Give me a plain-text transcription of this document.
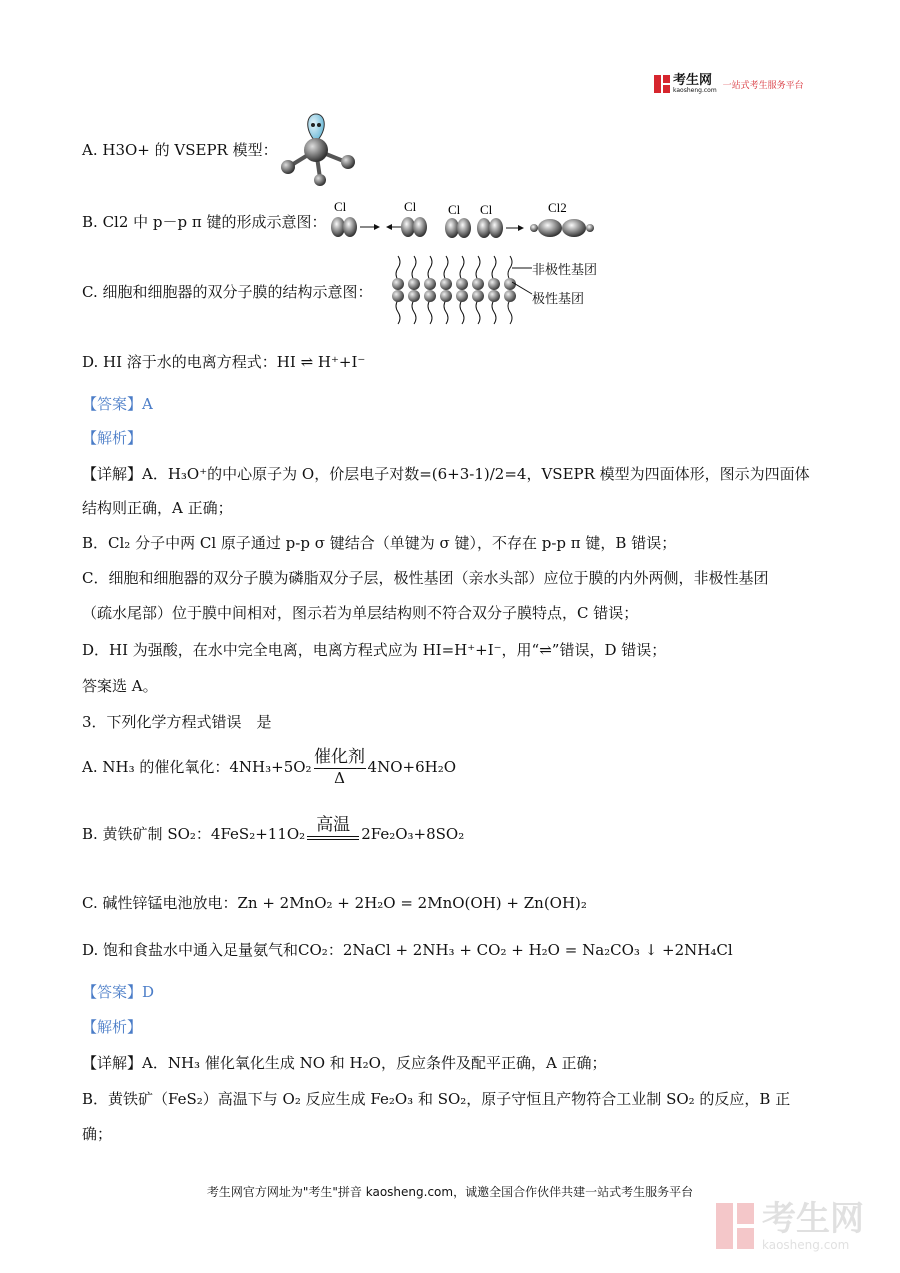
考生网
kaosheng.com 一站式考生服务平台
A. H3O+ 的 VSEPR 模型：
B. Cl2 中 p－p π 键的形成示意图：
Cl	Cl Cl Cl	Cl2
C. 细胞和细胞器的双分子膜的结构示意图：
非极性基团
极性基团
D. HI 溶于水的电离方程式：HI ⇌ H⁺+I⁻
【答案】A
【解析】
【详解】A．H₃O⁺的中心原子为 O，价层电子对数=(6+3-1)/2=4，VSEPR 模型为四面体形，图示为四面体
结构则正确，A 正确；
B．Cl₂ 分子中两 Cl 原子通过 p-p σ 键结合（单键为 σ 键），不存在 p-p π 键，B 错误；
C．细胞和细胞器的双分子膜为磷脂双分子层，极性基团（亲水头部）应位于膜的内外两侧，非极性基团
（疏水尾部）位于膜中间相对，图示若为单层结构则不符合双分子膜特点，C 错误；
D．HI 为强酸，在水中完全电离，电离方程式应为 HI=H⁺+I⁻，用“⇌”错误，D 错误；
答案选 A。
3．下列化学方程式错误　是
A. NH₃ 的催化氧化：$4NH_3+5O_2 \frac{\text{催化剂}}{\Delta} 4NO+6H_2O$
B. 黄铁矿制 SO₂：4FeS₂+11O₂ 高温 2Fe₂O₃+8SO₂
C. 碱性锌锰电池放电：Zn + 2MnO₂ + 2H₂O = 2MnO(OH) + Zn(OH)₂
D. 饱和食盐水中通入足量氨气和CO₂：2NaCl + 2NH₃ + CO₂ + H₂O = Na₂CO₃ ↓ +2NH₄Cl
【答案】D
【解析】
【详解】A．NH₃ 催化氧化生成 NO 和 H₂O，反应条件及配平正确，A 正确；
B．黄铁矿（FeS₂）高温下与 O₂ 反应生成 Fe₂O₃ 和 SO₂，原子守恒且产物符合工业制 SO₂ 的反应，B 正
确；
考生网官方网址为"考生"拼音 kaosheng.com，诚邀全国合作伙伴共建一站式考生服务平台
考生网
kaosheng.com
